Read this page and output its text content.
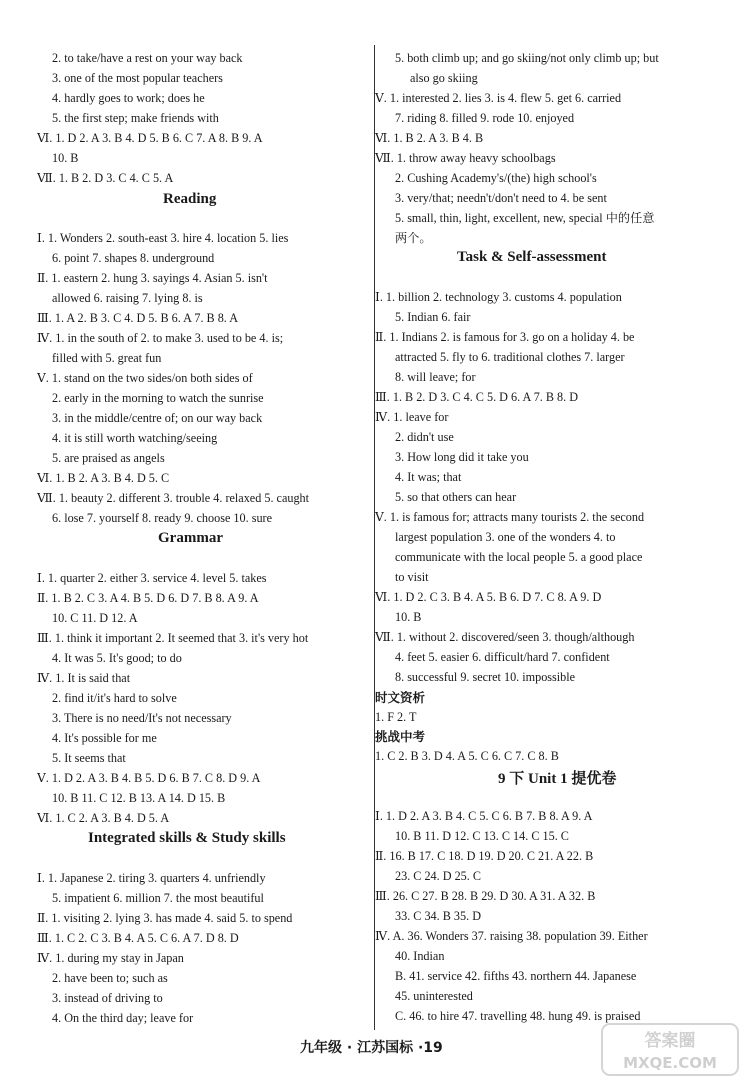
2. to take/have a rest on your way back
3. one of the most popular teachers
4. hardly goes to work; does he
5. the first step; make friends with
Ⅵ. 1. D 2. A 3. B 4. D 5. B 6. C 7. A 8. B 9. A
10. B
Ⅶ. 1. B 2. D 3. C 4. C 5. A
Ⅰ. 1. Wonders 2. south-east 3. hire 4. location 5. lies
6. point 7. shapes 8. underground
Ⅱ. 1. eastern 2. hung 3. sayings 4. Asian 5. isn't
allowed 6. raising 7. lying 8. is
Ⅲ. 1. A 2. B 3. C 4. D 5. B 6. A 7. B 8. A
Ⅳ. 1. in the south of 2. to make 3. used to be 4. is;
filled with 5. great fun
Ⅴ. 1. stand on the two sides/on both sides of
2. early in the morning to watch the sunrise
3. in the middle/centre of; on our way back
4. it is still worth watching/seeing
5. are praised as angels
Ⅵ. 1. B 2. A 3. B 4. D 5. C
Ⅶ. 1. beauty 2. different 3. trouble 4. relaxed 5. caught
6. lose 7. yourself 8. ready 9. choose 10. sure
Ⅰ. 1. quarter 2. either 3. service 4. level 5. takes
Ⅱ. 1. B 2. C 3. A 4. B 5. D 6. D 7. B 8. A 9. A
10. C 11. D 12. A
Ⅲ. 1. think it important 2. It seemed that 3. it's very hot
4. It was 5. It's good; to do
Ⅳ. 1. It is said that
2. find it/it's hard to solve
3. There is no need/It's not necessary
4. It's possible for me
5. It seems that
Ⅴ. 1. D 2. A 3. B 4. B 5. D 6. B 7. C 8. D 9. A
10. B 11. C 12. B 13. A 14. D 15. B
Ⅵ. 1. C 2. A 3. B 4. D 5. A
Ⅰ. 1. Japanese 2. tiring 3. quarters 4. unfriendly
5. impatient 6. million 7. the most beautiful
Ⅱ. 1. visiting 2. lying 3. has made 4. said 5. to spend
Ⅲ. 1. C 2. C 3. B 4. A 5. C 6. A 7. D 8. D
Ⅳ. 1. during my stay in Japan
2. have been to; such as
3. instead of driving to
4. On the third day; leave for
Reading
Grammar
Integrated skills & Study skills
5. both climb up; and go skiing/not only climb up; but
also go skiing
Ⅴ. 1. interested 2. lies 3. is 4. flew 5. get 6. carried
7. riding 8. filled 9. rode 10. enjoyed
Ⅵ. 1. B 2. A 3. B 4. B
Ⅶ. 1. throw away heavy schoolbags
2. Cushing Academy's/(the) high school's
3. very/that; needn't/don't need to 4. be sent
5. small, thin, light, excellent, new, special 中的任意
两个。
Ⅰ. 1. billion 2. technology 3. customs 4. population
5. Indian 6. fair
Ⅱ. 1. Indians 2. is famous for 3. go on a holiday 4. be
attracted 5. fly to 6. traditional clothes 7. larger
8. will leave; for
Ⅲ. 1. B 2. D 3. C 4. C 5. D 6. A 7. B 8. D
Ⅳ. 1. leave for
2. didn't use
3. How long did it take you
4. It was; that
5. so that others can hear
Ⅴ. 1. is famous for; attracts many tourists 2. the second
largest population 3. one of the wonders 4. to
communicate with the local people 5. a good place
to visit
Ⅵ. 1. D 2. C 3. B 4. A 5. B 6. D 7. C 8. A 9. D
10. B
Ⅶ. 1. without 2. discovered/seen 3. though/although
4. feet 5. easier 6. difficult/hard 7. confident
8. successful 9. secret 10. impossible
1. F 2. T
1. C 2. B 3. D 4. A 5. C 6. C 7. C 8. B
Ⅰ. 1. D 2. A 3. B 4. C 5. C 6. B 7. B 8. A 9. A
10. B 11. D 12. C 13. C 14. C 15. C
Ⅱ. 16. B 17. C 18. D 19. D 20. C 21. A 22. B
23. C 24. D 25. C
Ⅲ. 26. C 27. B 28. B 29. D 30. A 31. A 32. B
33. C 34. B 35. D
Ⅳ. A. 36. Wonders 37. raising 38. population 39. Either
40. Indian
B. 41. service 42. fifths 43. northern 44. Japanese
45. uninterested
C. 46. to hire 47. travelling 48. hung 49. is praised
Task & Self-assessment
9 下 Unit 1 提优卷
时文资析
挑战中考
九年级 · 江苏国标 ·19	答案圈
MXQE.COM
